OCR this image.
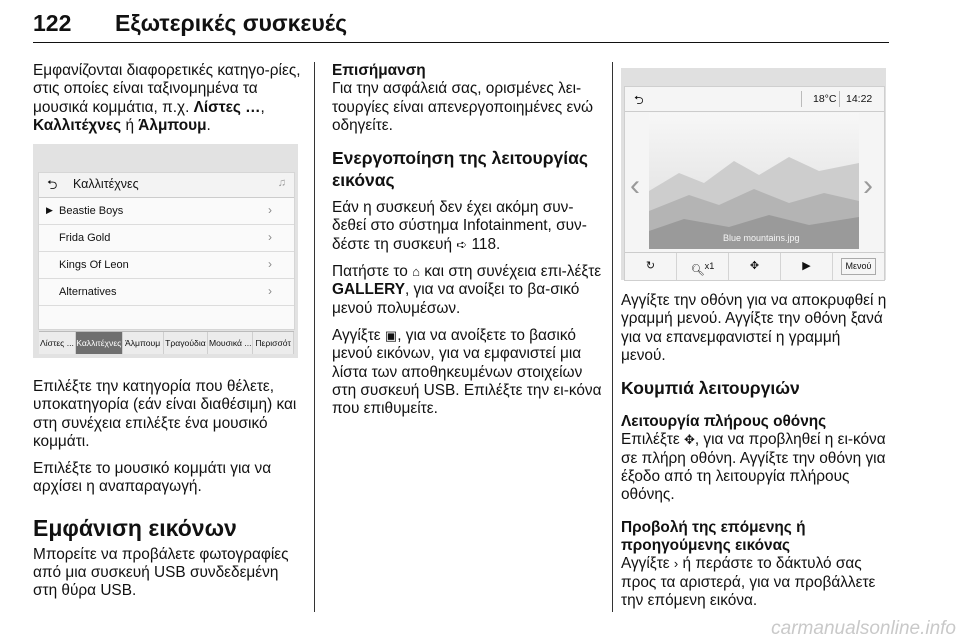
122 Εξωτερικές συσκευές

Εμφανίζονται διαφορετικές κατηγο-ρίες, στις οποίες είναι ταξινομημένα τα μουσικά κομμάτια, π.χ. Λίστες …, Καλλιτέχνες ή Άλμπουμ.

⮌ Καλλιτέχνες	♫
▶ Beastie Boys	›
Frida Gold	›
Kings Of Leon	›
Alternatives	›
Λίστες ... Καλλιτέχνες Άλμπουμ Τραγούδια Μουσικά ... Περισσότ

Επιλέξτε την κατηγορία που θέλετε, υποκατηγορία (εάν είναι διαθέσιμη) και στη συνέχεια επιλέξτε ένα μουσικό κομμάτι.

Επιλέξτε το μουσικό κομμάτι για να αρχίσει η αναπαραγωγή.

Εμφάνιση εικόνων

Μπορείτε να προβάλετε φωτογραφίες από μια συσκευή USB συνδεδεμένη στη θύρα USB.

Επισήμανση

Για την ασφάλειά σας, ορισμένες λει-τουργίες είναι απενεργοποιημένες ενώ οδηγείτε.

Ενεργοποίηση της λειτουργίας εικόνας

Εάν η συσκευή δεν έχει ακόμη συν-δεθεί στο σύστημα Infotainment, συν-δέστε τη συσκευή ➪ 118.

Πατήστε το ⌂ και στη συνέχεια επι-λέξτε GALLERY, για να ανοίξει το βα-σικό μενού πολυμέσων.

Αγγίξτε ▣, για να ανοίξετε το βασικό μενού εικόνων, για να εμφανιστεί μια λίστα των αποθηκευμένων στοιχείων στη συσκευή USB. Επιλέξτε την ει-κόνα που επιθυμείτε.

⮌	18°C 14:22
Blue mountains.jpg
‹	›
↻	🔍︎$^{x1}$	✥	▶	Μενού

Αγγίξτε την οθόνη για να αποκρυφθεί η γραμμή μενού. Αγγίξτε την οθόνη ξανά για να επανεμφανιστεί η γραμμή μενού.

Κουμπιά λειτουργιών
Λειτουργία πλήρους οθόνης

Επιλέξτε ✥, για να προβληθεί η ει-κόνα σε πλήρη οθόνη. Αγγίξτε την οθόνη για έξοδο από τη λειτουργία πλήρους οθόνης.

Προβολή της επόμενης ή προηγούμενης εικόνας

Αγγίξτε › ή περάστε το δάκτυλό σας προς τα αριστερά, για να προβάλλετε την επόμενη εικόνα.

carmanualsonline.info
